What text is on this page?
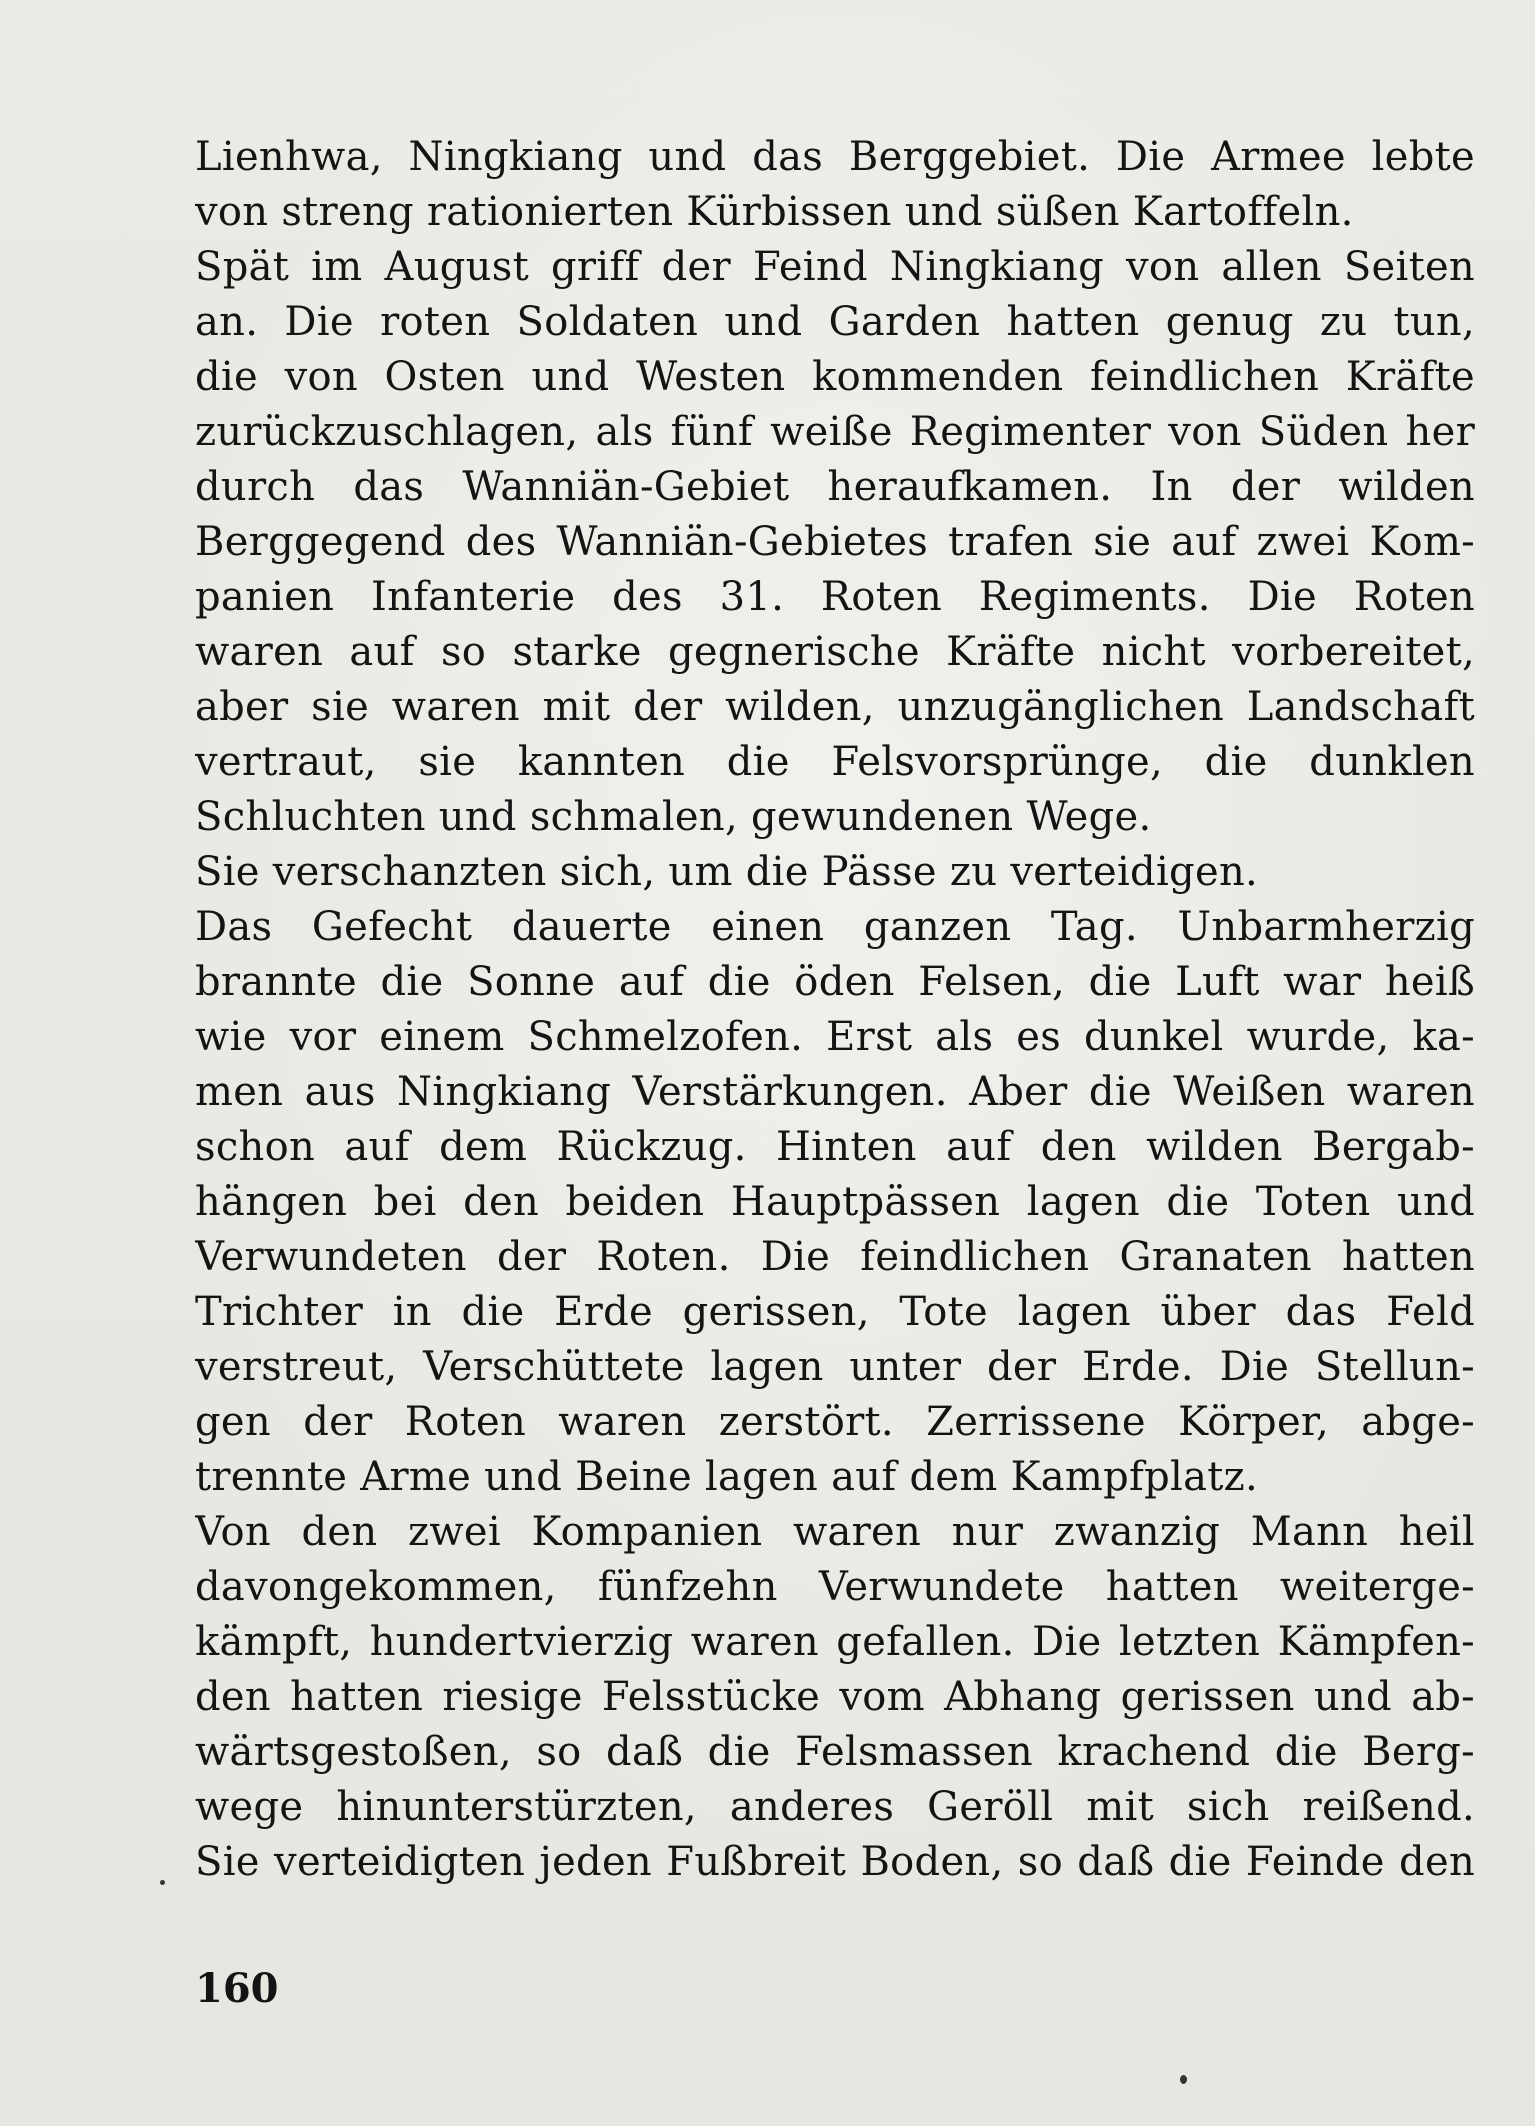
Lienhwa, Ningkiang und das Berggebiet. Die Armee lebte
von streng rationierten Kürbissen und süßen Kartoffeln.
Spät im August griff der Feind Ningkiang von allen Seiten
an. Die roten Soldaten und Garden hatten genug zu tun,
die von Osten und Westen kommenden feindlichen Kräfte
zurückzuschlagen, als fünf weiße Regimenter von Süden her
durch das Wanniän-Gebiet heraufkamen. In der wilden
Berggegend des Wanniän-Gebietes trafen sie auf zwei Kom-
panien Infanterie des 31. Roten Regiments. Die Roten
waren auf so starke gegnerische Kräfte nicht vorbereitet,
aber sie waren mit der wilden, unzugänglichen Landschaft
vertraut, sie kannten die Felsvorsprünge, die dunklen
Schluchten und schmalen, gewundenen Wege.
Sie verschanzten sich, um die Pässe zu verteidigen.
Das Gefecht dauerte einen ganzen Tag. Unbarmherzig
brannte die Sonne auf die öden Felsen, die Luft war heiß
wie vor einem Schmelzofen. Erst als es dunkel wurde, ka-
men aus Ningkiang Verstärkungen. Aber die Weißen waren
schon auf dem Rückzug. Hinten auf den wilden Bergab-
hängen bei den beiden Hauptpässen lagen die Toten und
Verwundeten der Roten. Die feindlichen Granaten hatten
Trichter in die Erde gerissen, Tote lagen über das Feld
verstreut, Verschüttete lagen unter der Erde. Die Stellun-
gen der Roten waren zerstört. Zerrissene Körper, abge-
trennte Arme und Beine lagen auf dem Kampfplatz.
Von den zwei Kompanien waren nur zwanzig Mann heil
davongekommen, fünfzehn Verwundete hatten weiterge-
kämpft, hundertvierzig waren gefallen. Die letzten Kämpfen-
den hatten riesige Felsstücke vom Abhang gerissen und ab-
wärtsgestoßen, so daß die Felsmassen krachend die Berg-
wege hinunterstürzten, anderes Geröll mit sich reißend.
Sie verteidigten jeden Fußbreit Boden, so daß die Feinde den
160
